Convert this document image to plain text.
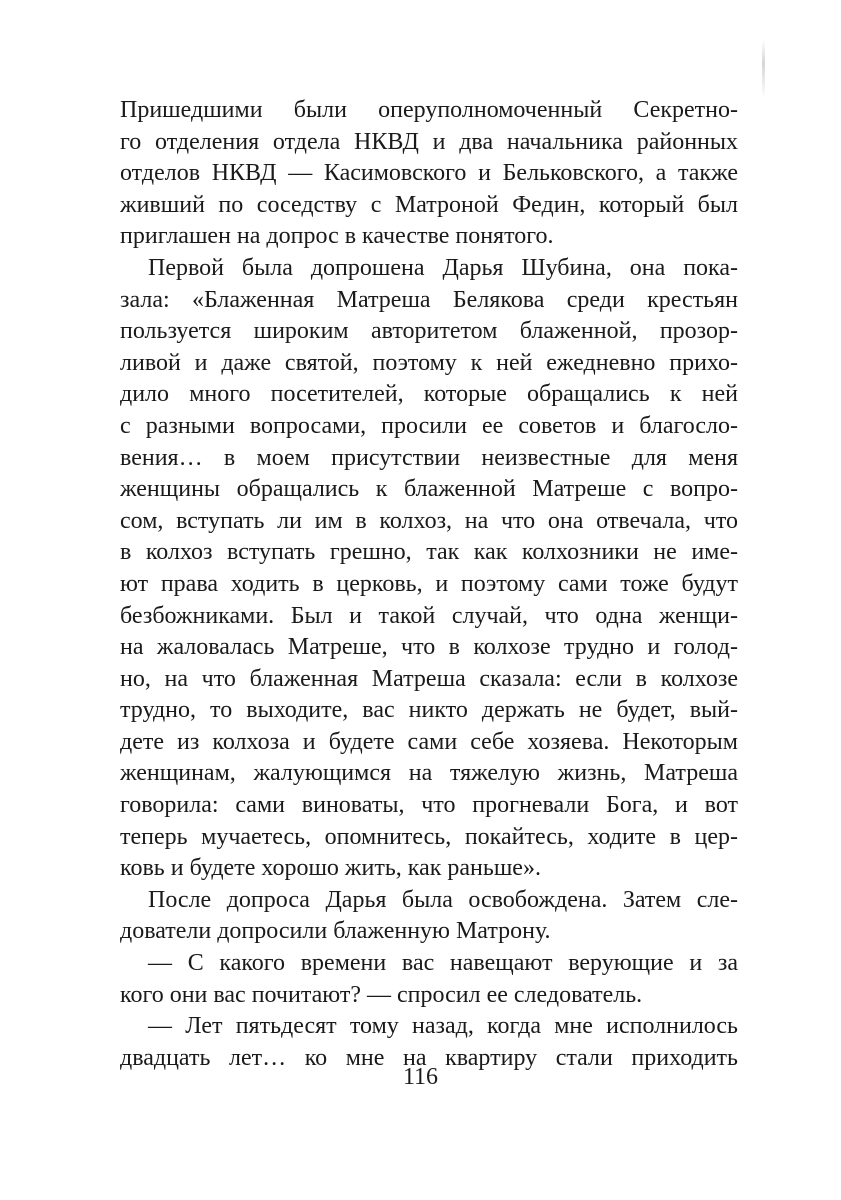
Пришедшими были оперуполномоченный Секретно-
го отделения отдела НКВД и два начальника районных
отделов НКВД — Касимовского и Бельковского, а также
живший по соседству с Матроной Федин, который был
приглашен на допрос в качестве понятого.
Первой была допрошена Дарья Шубина, она пока-
зала: «Блаженная Матреша Белякова среди крестьян
пользуется широким авторитетом блаженной, прозор-
ливой и даже святой, поэтому к ней ежедневно прихо-
дило много посетителей, которые обращались к ней
с разными вопросами, просили ее советов и благосло-
вения… в моем присутствии неизвестные для меня
женщины обращались к блаженной Матреше с вопро-
сом, вступать ли им в колхоз, на что она отвечала, что
в колхоз вступать грешно, так как колхозники не име-
ют права ходить в церковь, и поэтому сами тоже будут
безбожниками. Был и такой случай, что одна женщи-
на жаловалась Матреше, что в колхозе трудно и голод-
но, на что блаженная Матреша сказала: если в колхозе
трудно, то выходите, вас никто держать не будет, вый-
дете из колхоза и будете сами себе хозяева. Некоторым
женщинам, жалующимся на тяжелую жизнь, Матреша
говорила: сами виноваты, что прогневали Бога, и вот
теперь мучаетесь, опомнитесь, покайтесь, ходите в цер-
ковь и будете хорошо жить, как раньше».
После допроса Дарья была освобождена. Затем сле-
дователи допросили блаженную Матрону.
— С какого времени вас навещают верующие и за
кого они вас почитают? — спросил ее следователь.
— Лет пятьдесят тому назад, когда мне исполнилось
двадцать лет… ко мне на квартиру стали приходить
116
